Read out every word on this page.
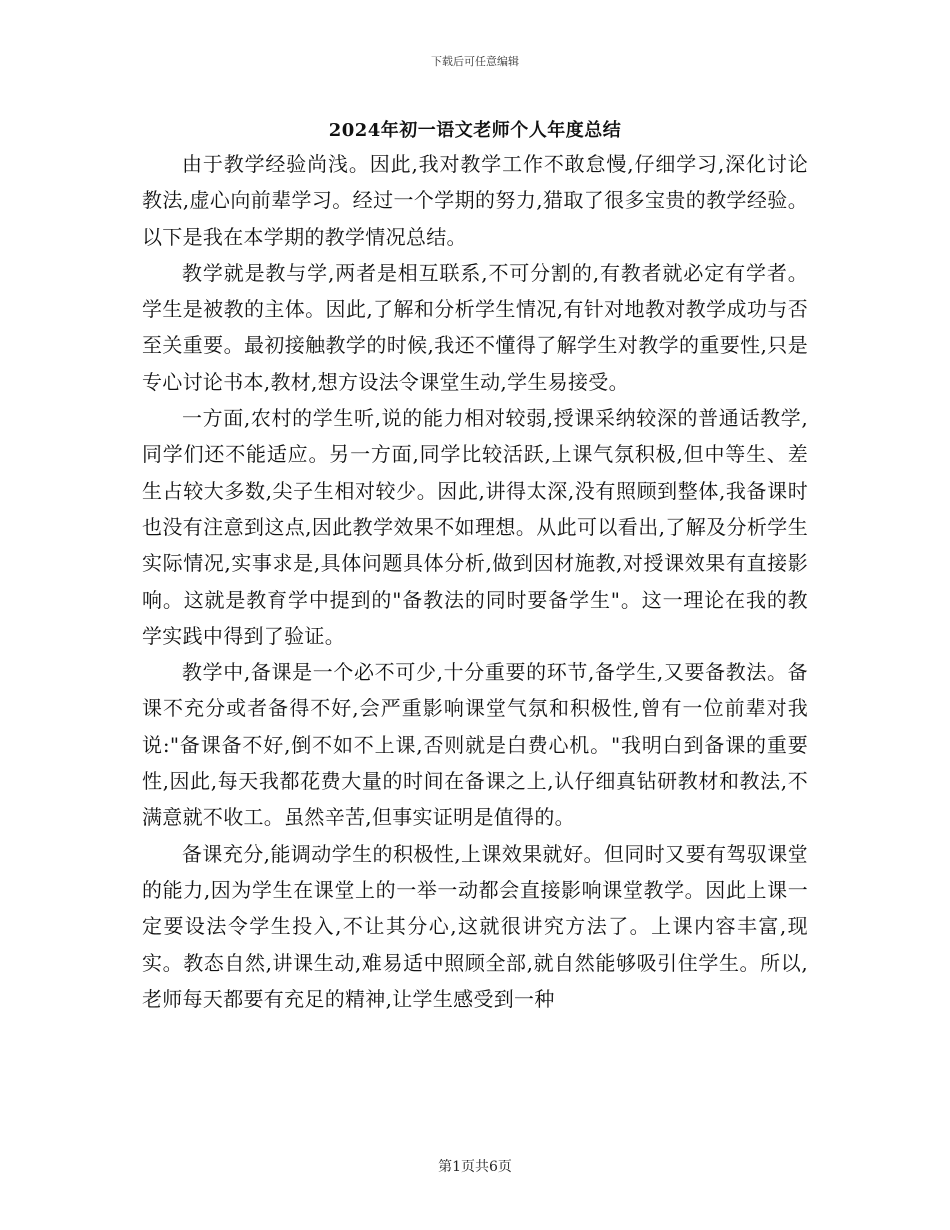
下载后可任意编辑
2024年初一语文老师个人年度总结

由于教学经验尚浅。因此,我对教学工作不敢怠慢,仔细学习,深化讨论教法,虚心向前辈学习。经过一个学期的努力,猎取了很多宝贵的教学经验。以下是我在本学期的教学情况总结。

教学就是教与学,两者是相互联系,不可分割的,有教者就必定有学者。学生是被教的主体。因此,了解和分析学生情况,有针对地教对教学成功与否至关重要。最初接触教学的时候,我还不懂得了解学生对教学的重要性,只是专心讨论书本,教材,想方设法令课堂生动,学生易接受。

一方面,农村的学生听,说的能力相对较弱,授课采纳较深的普通话教学,同学们还不能适应。另一方面,同学比较活跃,上课气氛积极,但中等生、差生占较大多数,尖子生相对较少。因此,讲得太深,没有照顾到整体,我备课时也没有注意到这点,因此教学效果不如理想。从此可以看出,了解及分析学生实际情况,实事求是,具体问题具体分析,做到因材施教,对授课效果有直接影响。这就是教育学中提到的"备教法的同时要备学生"。这一理论在我的教学实践中得到了验证。

教学中,备课是一个必不可少,十分重要的环节,备学生,又要备教法。备课不充分或者备得不好,会严重影响课堂气氛和积极性,曾有一位前辈对我说:"备课备不好,倒不如不上课,否则就是白费心机。"我明白到备课的重要性,因此,每天我都花费大量的时间在备课之上,认仔细真钻研教材和教法,不满意就不收工。虽然辛苦,但事实证明是值得的。

备课充分,能调动学生的积极性,上课效果就好。但同时又要有驾驭课堂的能力,因为学生在课堂上的一举一动都会直接影响课堂教学。因此上课一定要设法令学生投入,不让其分心,这就很讲究方法了。上课内容丰富,现实。教态自然,讲课生动,难易适中照顾全部,就自然能够吸引住学生。所以,老师每天都要有充足的精神,让学生感受到一种

第1页共6页
